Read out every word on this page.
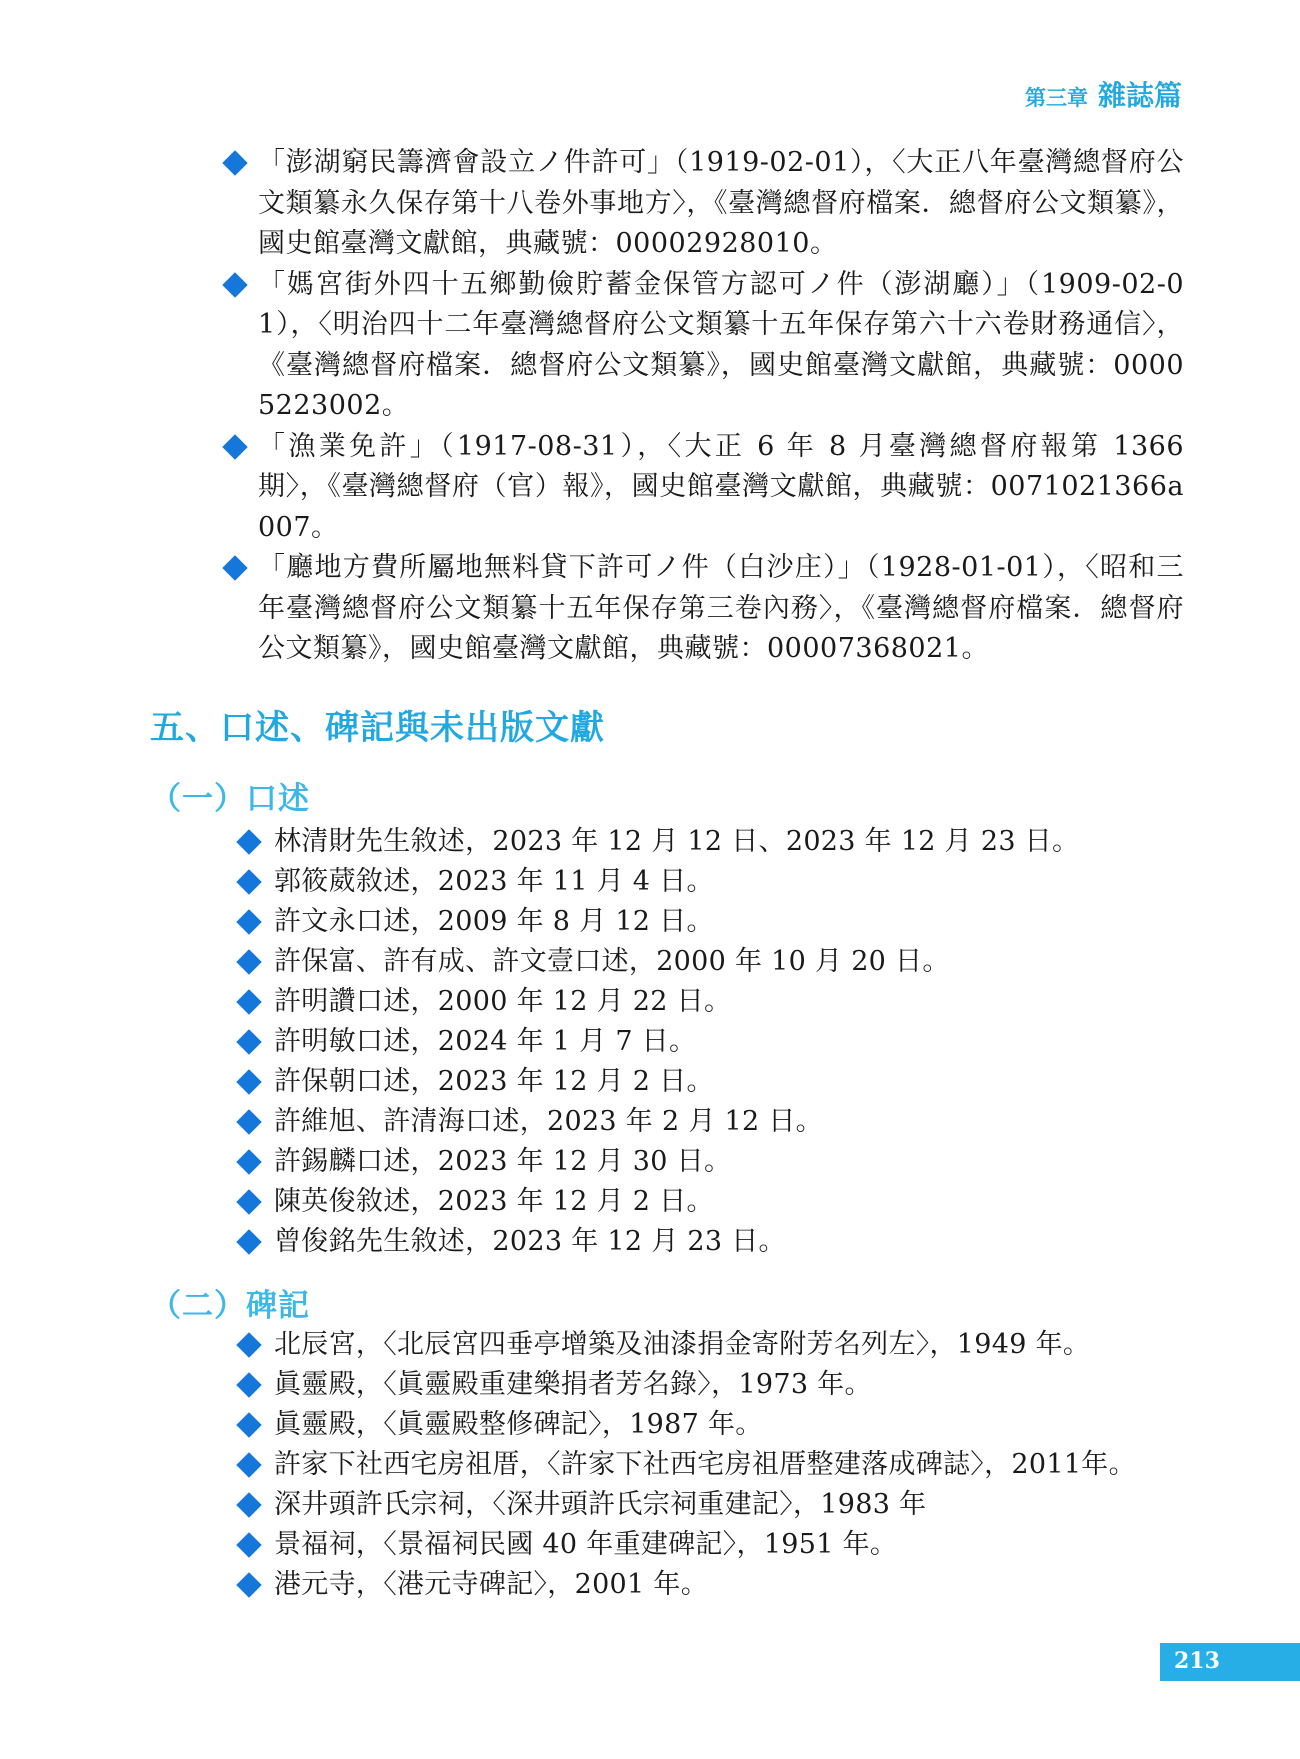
第三章 雜誌篇
「澎湖窮民籌濟會設立ノ件許可」（1919-02-01），〈大正八年臺灣總督府公文類纂永久保存第十八卷外事地方〉，《臺灣總督府檔案．總督府公文類纂》，國史館臺灣文獻館，典藏號：00002928010。
「媽宮街外四十五鄉勤儉貯蓄金保管方認可ノ件（澎湖廳）」（1909-02-01），〈明治四十二年臺灣總督府公文類纂十五年保存第六十六卷財務通信〉，《臺灣總督府檔案．總督府公文類纂》，國史館臺灣文獻館，典藏號：00005223002。
「漁業免許」（1917-08-31），〈大正 6 年 8 月臺灣總督府報第 1366 期〉，《臺灣總督府（官）報》，國史館臺灣文獻館，典藏號：0071021366a007。
「廳地方費所屬地無料貸下許可ノ件（白沙庄）」（1928-01-01），〈昭和三年臺灣總督府公文類纂十五年保存第三卷內務〉，《臺灣總督府檔案．總督府公文類纂》，國史館臺灣文獻館，典藏號：00007368021。
五、口述、碑記與未出版文獻
（一）口述
林清財先生敘述，2023 年 12 月 12 日、2023 年 12 月 23 日。
郭筱葳敘述，2023 年 11 月 4 日。
許文永口述，2009 年 8 月 12 日。
許保富、許有成、許文壹口述，2000 年 10 月 20 日。
許明讚口述，2000 年 12 月 22 日。
許明敏口述，2024 年 1 月 7 日。
許保朝口述，2023 年 12 月 2 日。
許維旭、許清海口述，2023 年 2 月 12 日。
許錫麟口述，2023 年 12 月 30 日。
陳英俊敘述，2023 年 12 月 2 日。
曾俊銘先生敘述，2023 年 12 月 23 日。
（二）碑記
北辰宮，〈北辰宮四垂亭增築及油漆捐金寄附芳名列左〉，1949 年。
眞靈殿，〈眞靈殿重建樂捐者芳名錄〉，1973 年。
眞靈殿，〈眞靈殿整修碑記〉，1987 年。
許家下社西宅房祖厝，〈許家下社西宅房祖厝整建落成碑誌〉，2011年。
深井頭許氏宗祠，〈深井頭許氏宗祠重建記〉，1983 年
景福祠，〈景福祠民國 40 年重建碑記〉，1951 年。
港元寺，〈港元寺碑記〉，2001 年。
213
